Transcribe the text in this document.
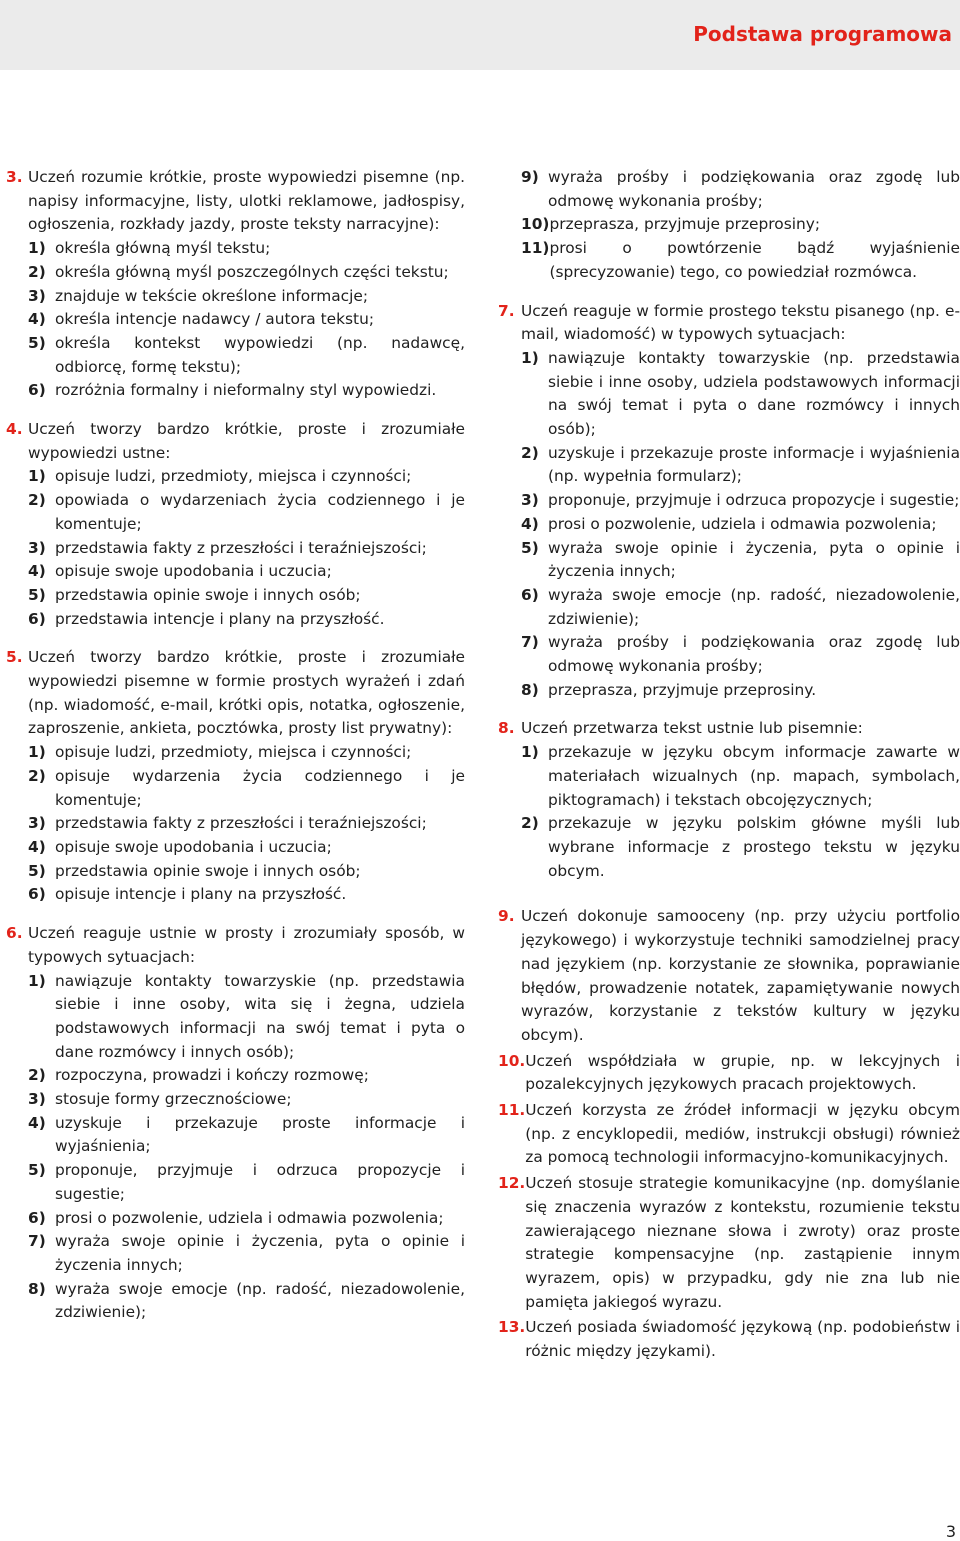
Podstawa programowa
3. Uczeń rozumie krótkie, proste wypowiedzi pisemne (np. napisy informacyjne, listy, ulotki reklamowe, jadłospisy, ogłoszenia, rozkłady jazdy, proste teksty narracyjne):
1) określa główną myśl tekstu;
2) określa główną myśl poszczególnych części tekstu;
3) znajduje w tekście określone informacje;
4) określa intencje nadawcy / autora tekstu;
5) określa kontekst wypowiedzi (np. nadawcę, odbiorcę, formę tekstu);
6) rozróżnia formalny i nieformalny styl wypowiedzi.
4. Uczeń tworzy bardzo krótkie, proste i zrozumiałe wypowiedzi ustne:
1) opisuje ludzi, przedmioty, miejsca i czynności;
2) opowiada o wydarzeniach życia codziennego i je komentuje;
3) przedstawia fakty z przeszłości i teraźniejszości;
4) opisuje swoje upodobania i uczucia;
5) przedstawia opinie swoje i innych osób;
6) przedstawia intencje i plany na przyszłość.
5. Uczeń tworzy bardzo krótkie, proste i zrozumiałe wypowiedzi pisemne w formie prostych wyrażeń i zdań (np. wiadomość, e-mail, krótki opis, notatka, ogłoszenie, zaproszenie, ankieta, pocztówka, prosty list prywatny):
1) opisuje ludzi, przedmioty, miejsca i czynności;
2) opisuje wydarzenia życia codziennego i je komentuje;
3) przedstawia fakty z przeszłości i teraźniejszości;
4) opisuje swoje upodobania i uczucia;
5) przedstawia opinie swoje i innych osób;
6) opisuje intencje i plany na przyszłość.
6. Uczeń reaguje ustnie w prosty i zrozumiały sposób, w typowych sytuacjach:
1) nawiązuje kontakty towarzyskie (np. przedstawia siebie i inne osoby, wita się i żegna, udziela podstawowych informacji na swój temat i pyta o dane rozmówcy i innych osób);
2) rozpoczyna, prowadzi i kończy rozmowę;
3) stosuje formy grzecznościowe;
4) uzyskuje i przekazuje proste informacje i wyjaśnienia;
5) proponuje, przyjmuje i odrzuca propozycje i sugestie;
6) prosi o pozwolenie, udziela i odmawia pozwolenia;
7) wyraża swoje opinie i życzenia, pyta o opinie i życzenia innych;
8) wyraża swoje emocje (np. radość, niezadowolenie, zdziwienie);
9) wyraża prośby i podziękowania oraz zgodę lub odmowę wykonania prośby;
10) przeprasza, przyjmuje przeprosiny;
11) prosi o powtórzenie bądź wyjaśnienie (sprecyzowanie) tego, co powiedział rozmówca.
7. Uczeń reaguje w formie prostego tekstu pisanego (np. e-mail, wiadomość) w typowych sytuacjach:
1) nawiązuje kontakty towarzyskie (np. przedstawia siebie i inne osoby, udziela podstawowych informacji na swój temat i pyta o dane rozmówcy i innych osób);
2) uzyskuje i przekazuje proste informacje i wyjaśnienia (np. wypełnia formularz);
3) proponuje, przyjmuje i odrzuca propozycje i sugestie;
4) prosi o pozwolenie, udziela i odmawia pozwolenia;
5) wyraża swoje opinie i życzenia, pyta o opinie i życzenia innych;
6) wyraża swoje emocje (np. radość, niezadowolenie, zdziwienie);
7) wyraża prośby i podziękowania oraz zgodę lub odmowę wykonania prośby;
8) przeprasza, przyjmuje przeprosiny.
8. Uczeń przetwarza tekst ustnie lub pisemnie:
1) przekazuje w języku obcym informacje zawarte w materiałach wizualnych (np. mapach, symbolach, piktogramach) i tekstach obcojęzycznych;
2) przekazuje w języku polskim główne myśli lub wybrane informacje z prostego tekstu w języku obcym.
9. Uczeń dokonuje samooceny (np. przy użyciu portfolio językowego) i wykorzystuje techniki samodzielnej pracy nad językiem (np. korzystanie ze słownika, poprawianie błędów, prowadzenie notatek, zapamiętywanie nowych wyrazów, korzystanie z tekstów kultury w języku obcym).
10. Uczeń współdziała w grupie, np. w lekcyjnych i pozalekcyjnych językowych pracach projektowych.
11. Uczeń korzysta ze źródeł informacji w języku obcym (np. z encyklopedii, mediów, instrukcji obsługi) również za pomocą technologii informacyjno-komunikacyjnych.
12. Uczeń stosuje strategie komunikacyjne (np. domyślanie się znaczenia wyrazów z kontekstu, rozumienie tekstu zawierającego nieznane słowa i zwroty) oraz proste strategie kompensacyjne (np. zastąpienie innym wyrazem, opis) w przypadku, gdy nie zna lub nie pamięta jakiegoś wyrazu.
13. Uczeń posiada świadomość językową (np. podobieństw i różnic między językami).
3
